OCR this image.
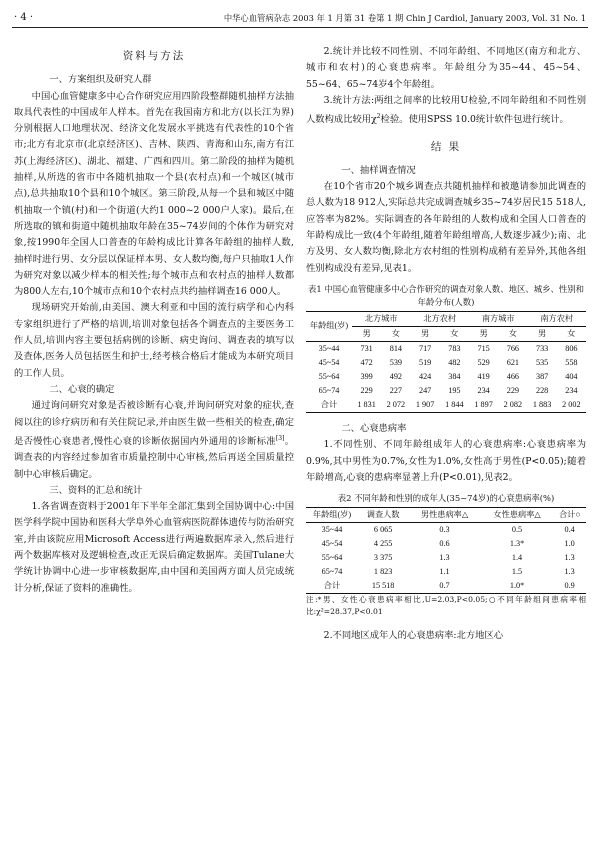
· 4 ·	中华心血管病杂志 2003 年 1 月第 31 卷第 1 期 Chin J Cardiol, January 2003, Vol. 31 No. 1
资料与方法

一、方案组织及研究人群

中国心血管健康多中心合作研究应用四阶段整群随机抽样方法抽取具代表性的中国成年人样本。首先在我国南方和北方(以长江为界)分别根据人口地理状况、经济文化发展水平挑选有代表性的10个省市;北方有北京市(北京经济区)、吉林、陕西、青海和山东,南方有江苏(上海经济区)、湖北、福建、广西和四川。第二阶段的抽样为随机抽样,从所选的省市中各随机抽取一个县(农村点)和一个城区(城市点),总共抽取10个县和10个城区。第三阶段,从每一个县和城区中随机抽取一个镇(村)和一个街道(大约1 000~2 000户人家)。最后,在所选取的镇和街道中随机抽取年龄在35~74岁间的个体作为研究对象,按1990年全国人口普查的年龄构成比计算各年龄组的抽样人数,抽样时进行男、女分层以保证样本男、女人数均衡,每户只抽取1人作为研究对象以减少样本的相关性;每个城市点和农村点的抽样人数都为800人左右,10个城市点和10个农村点共约抽样调查16 000人。

现场研究开始前,由美国、澳大利亚和中国的流行病学和心内科专家组织进行了严格的培训,培训对象包括各个调查点的主要医务工作人员,培训内容主要包括病例的诊断、病史询问、调查表的填写以及查体,医务人员包括医生和护士,经考核合格后才能成为本研究项目的工作人员。

二、心衰的确定

通过询问研究对象是否被诊断有心衰,并询问研究对象的症状,查阅以往的诊疗病历和有关住院记录,并由医生做一些相关的检查,确定是否慢性心衰患者,慢性心衰的诊断依据国内外通用的诊断标准[3]。调查表的内容经过参加省市质量控制中心审核,然后再送全国质量控制中心审核后确定。

三、资料的汇总和统计

1.各省调查资料于2001年下半年全部汇集到全国协调中心:中国医学科学院中国协和医科大学阜外心血管病医院群体遗传与防治研究室,并由该院应用Microsoft Access进行两遍数据库录入,然后进行两个数据库核对及逻辑检查,改正无误后确定数据库。美国Tulane大学统计协调中心进一步审核数据库,由中国和美国两方面人员完成统计分析,保证了资料的准确性。

2.统计并比较不同性别、不同年龄组、不同地区(南方和北方、城市和农村)的心衰患病率。年龄组分为35~44、45~54、55~64、65~74岁4个年龄组。

3.统计方法:两组之间率的比较用U检验,不同年龄组和不同性别人数构成比较用$\chi^2$检验。使用SPSS 10.0统计软件包进行统计。

结 果

一、抽样调查情况

在10个省市20个城乡调查点共随机抽样和被邀请参加此调查的总人数为18 912人,实际总共完成调查城乡35~74岁居民15 518人,应答率为82%。实际调查的各年龄组的人数构成和全国人口普查的年龄构成比一致(4个年龄组,随着年龄组增高,人数逐步减少);南、北方及男、女人数均衡,除北方农村组的性别构成稍有差异外,其他各组性别构成没有差异,见表1。

表1 中国心血管健康多中心合作研究的调查对象人数、地区、城乡、性别和年龄分布(人数)
年龄组(岁)	北方城市		北方农村		南方城市		南方农村	
	男	女	男	女	男	女	男	女
35~44	731	814	717	783	715	766	733	806
45~54	472	539	519	482	529	621	535	558
55~64	399	492	424	384	419	466	387	404
65~74	229	227	247	195	234	229	228	234
合计	1 831	2 072	1 907	1 844	1 897	2 082	1 883	2 002

二、心衰患病率

1.不同性别、不同年龄组成年人的心衰患病率:心衰患病率为0.9%,其中男性为0.7%,女性为1.0%,女性高于男性(P<0.05);随着年龄增高,心衰的患病率显著上升(P<0.01),见表2。

表2 不同年龄和性别的成年人(35~74岁)的心衰患病率(%)
年龄组(岁)	调查人数	男性患病率△	女性患病率△	合计○
35~44	6 065	0.3	0.5	0.4
45~54	4 255	0.6	1.3*	1.0
55~64	3 375	1.3	1.4	1.3
65~74	1 823	1.1	1.5	1.3
合计	15 518	0.7	1.0*	0.9

注:*男、女性心衰患病率相比,U=2.03,P<0.05;○不同年龄组间患病率相比:χ²=28.37,P<0.01

2.不同地区成年人的心衰患病率:北方地区心
